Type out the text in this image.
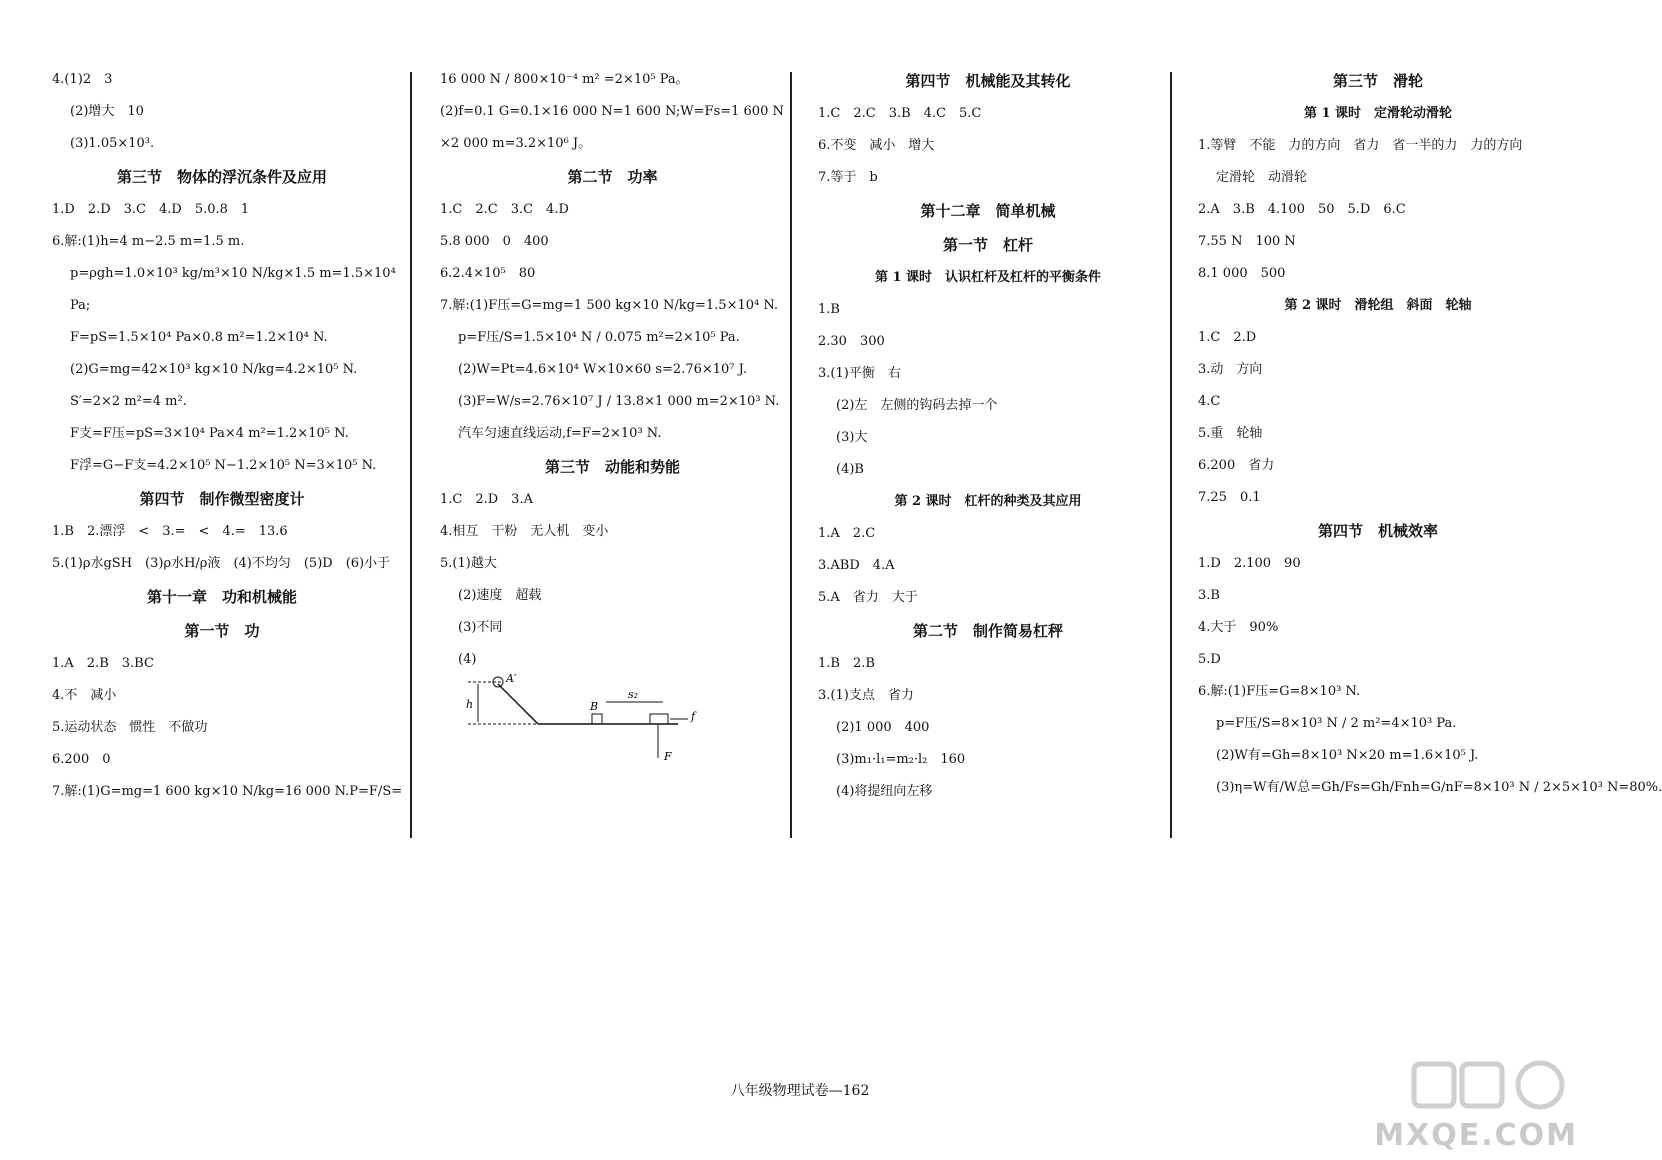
4.(1)2　3
(2)增大　10
(3)1.05×10³.
第三节　物体的浮沉条件及应用
1.D　2.D　3.C　4.D　5.0.8　1
6.解:(1)h=4 m−2.5 m=1.5 m.
p=ρgh=1.0×10³ kg/m³×10 N/kg×1.5 m=1.5×10⁴
Pa;
F=pS=1.5×10⁴ Pa×0.8 m²=1.2×10⁴ N.
(2)G=mg=42×10³ kg×10 N/kg=4.2×10⁵ N.
S′=2×2 m²=4 m².
F支=F压=pS=3×10⁴ Pa×4 m²=1.2×10⁵ N.
F浮=G−F支=4.2×10⁵ N−1.2×10⁵ N=3×10⁵ N.
第四节　制作微型密度计
1.B　2.漂浮　<　3.=　<　4.=　13.6
5.(1)ρ水gSH　(3)ρ水H/ρ液　(4)不均匀　(5)D　(6)小于
第十一章　功和机械能
第一节　功
1.A　2.B　3.BC
4.不　减小
5.运动状态　惯性　不做功
6.200　0
7.解:(1)G=mg=1 600 kg×10 N/kg=16 000 N.P=F/S=
16 000 N / 800×10⁻⁴ m² =2×10⁵ Pa。
(2)f=0.1 G=0.1×16 000 N=1 600 N;W=Fs=1 600 N
×2 000 m=3.2×10⁶ J。
第二节　功率
1.C　2.C　3.C　4.D
5.8 000　0　400
6.2.4×10⁵　80
7.解:(1)F压=G=mg=1 500 kg×10 N/kg=1.5×10⁴ N.
p=F压/S=1.5×10⁴ N / 0.075 m²=2×10⁵ Pa.
(2)W=Pt=4.6×10⁴ W×10×60 s=2.76×10⁷ J.
(3)F=W/s=2.76×10⁷ J / 13.8×1 000 m=2×10³ N.
汽车匀速直线运动,f=F=2×10³ N.
第三节　动能和势能
1.C　2.D　3.A
4.相互　干粉　无人机　变小
5.(1)越大
(2)速度　超载
(3)不同
(4)
h
A′
B
s₂
f
F
第四节　机械能及其转化
1.C　2.C　3.B　4.C　5.C
6.不变　减小　增大
7.等于　b
第十二章　简单机械
第一节　杠杆
第 1 课时　认识杠杆及杠杆的平衡条件
1.B
2.30　300
3.(1)平衡　右
(2)左　左侧的钩码去掉一个
(3)大
(4)B
第 2 课时　杠杆的种类及其应用
1.A　2.C
3.ABD　4.A
5.A　省力　大于
第二节　制作简易杠秤
1.B　2.B
3.(1)支点　省力
(2)1 000　400
(3)m₁·l₁=m₂·l₂　160
(4)将提纽向左移
第三节　滑轮
第 1 课时　定滑轮动滑轮
1.等臂　不能　力的方向　省力　省一半的力　力的方向
定滑轮　动滑轮
2.A　3.B　4.100　50　5.D　6.C
7.55 N　100 N
8.1 000　500
第 2 课时　滑轮组　斜面　轮轴
1.C　2.D
3.动　方向
4.C
5.重　轮轴
6.200　省力
7.25　0.1
第四节　机械效率
1.D　2.100　90
3.B
4.大于　90%
5.D
6.解:(1)F压=G=8×10³ N.
p=F压/S=8×10³ N / 2 m²=4×10³ Pa.
(2)W有=Gh=8×10³ N×20 m=1.6×10⁵ J.
(3)η=W有/W总=Gh/Fs=Gh/Fnh=G/nF=8×10³ N / 2×5×10³ N=80%.
八年级物理试卷—162
MXQE.COM
